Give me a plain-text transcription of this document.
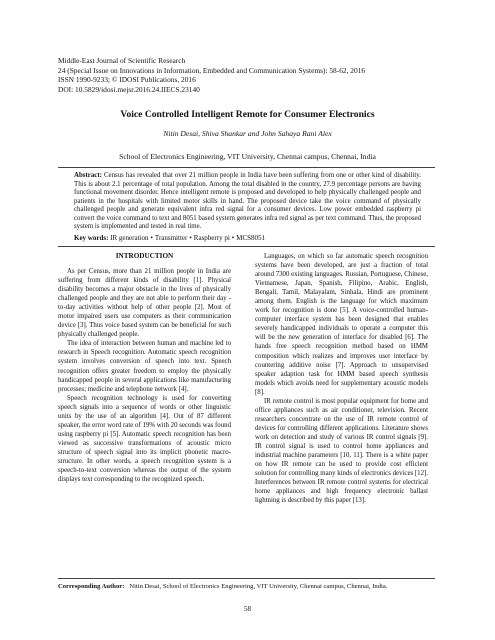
Middle-East Journal of Scientific Research
24 (Special Issue on Innovations in Information, Embedded and Communication Systems): 58-62, 2016
ISSN 1990-9233; © IDOSI Publications, 2016
DOI: 10.5829/idosi.mejsr.2016.24.IIECS.23140
Voice Controlled Intelligent Remote for Consumer Electronics
Nitin Desai, Shiva Shankar and John Sahaya Rani Alex
School of Electronics Engineering, VIT University, Chennai campus, Chennai, India
Abstract: Census has revealed that over 21 million people in India have been suffering from one or other kind of disability. This is about 2.1 percentage of total population. Among the total disabled in the country, 27.9 percentage persons are having functional movement disorder. Hence intelligent remote is proposed and developed to help physically challenged people and patients in the hospitals with limited motor skills in hand. The proposed device take the voice command of physically challenged people and generate equivalent infra red signal for a consumer devices. Low power embedded raspberry pi convert the voice command to text and 8051 based system generates infra red signal as per text command. Thus, the proposed system is implemented and tested in real time.
Key words: IR generation • Transmitter • Raspberry pi • MCS8051
INTRODUCTION

As per Census, more than 21 million people in India are suffering from different kinds of disability [1]. Physical disability becomes a major obstacle in the lives of physically challenged people and they are not able to perform their day - to-day activities without help of other people [2]. Most of motor impaired users use computers as their communication device [3]. Thus voice based system can be beneficial for such physically challenged people.

The idea of interaction between human and machine led to research in Speech recognition. Automatic speech recognition system involves conversion of speech into text. Speech recognition offers greater freedom to employ the physically handicapped people in several applications like manufacturing processes; medicine and telephone network [4].

Speech recognition technology is used for converting speech signals into a sequence of words or other linguistic units by the use of an algorithm [4]. Out of 87 different speaker, the error word rate of 19% with 20 seconds was found using raspberry pi [5]. Automatic speech recognition has been viewed as successive transformations of acoustic micro structure of speech signal into its implicit phonetic macro- structure. In other words, a speech recognition system is a speech-to-text conversion whereas the output of the system displays text corresponding to the recognized speech.

Languages, on which so far automatic speech recognition systems have been developed, are just a fraction of total around 7300 existing languages. Russian, Portuguese, Chinese, Vietnamese, Japan, Spanish, Filipino, Arabic, English, Bengali, Tamil, Malayalam, Sinhala, Hindi are prominent among them. English is the language for which maximum work for recognition is done [5]. A voice-controlled human-computer interface system has been designed that enables severely handicapped individuals to operate a computer this will be the new generation of interface for disabled [6]. The hands free speech recognition method based on HMM composition which realizes and improves user interface by countering additive noise [7]. Approach to unsupervised speaker adaption task for HMM based speech synthesis models which avoids need for supplementary acoustic models [8].

IR remote control is most popular equipment for home and office appliances such as air conditioner, television. Recent researchers concentrate on the use of IR remote control of devices for controlling different applications. Literature shows work on detection and study of various IR control signals [9]. IR control signal is used to control home appliances and industrial machine parameters [10, 11]. There is a white paper on how IR remote can be used to provide cost efficient solution for controlling many kinds of electronics devices [12]. Interferences between IR remote control systems for electrical home appliances and high frequency electronic ballast lightning is described by this paper [13].

Corresponding Author: Nitin Desai, School of Electronics Engineering, VIT University, Chennai campus, Chennai, India.
58
